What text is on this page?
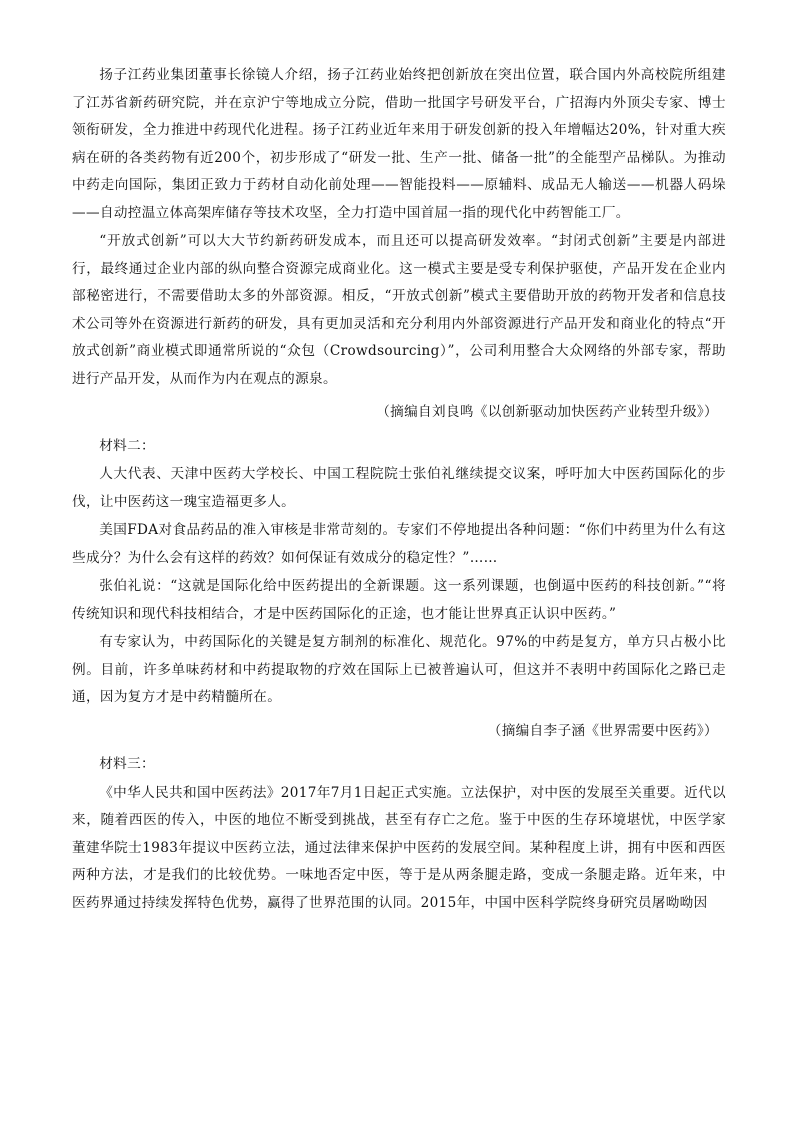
扬子江药业集团董事长徐镜人介绍，扬子江药业始终把创新放在突出位置，联合国内外高校院所组建了江苏省新药研究院，并在京沪宁等地成立分院，借助一批国字号研发平台，广招海内外顶尖专家、博士领衔研发，全力推进中药现代化进程。扬子江药业近年来用于研发创新的投入年增幅达20%，针对重大疾病在研的各类药物有近200个，初步形成了“研发一批、生产一批、储备一批”的全能型产品梯队。为推动中药走向国际，集团正致力于药材自动化前处理——智能投料——原辅料、成品无人输送——机器人码垛——自动控温立体高架库储存等技术攻坚，全力打造中国首屈一指的现代化中药智能工厂。

“开放式创新”可以大大节约新药研发成本，而且还可以提高研发效率。“封闭式创新”主要是内部进行，最终通过企业内部的纵向整合资源完成商业化。这一模式主要是受专利保护驱使，产品开发在企业内部秘密进行，不需要借助太多的外部资源。相反，“开放式创新”模式主要借助开放的药物开发者和信息技术公司等外在资源进行新药的研发，具有更加灵活和充分利用内外部资源进行产品开发和商业化的特点“开放式创新”商业模式即通常所说的“众包（Crowdsourcing）”，公司利用整合大众网络的外部专家，帮助进行产品开发，从而作为内在观点的源泉。

（摘编自刘良鸣《以创新驱动加快医药产业转型升级》）

材料二：

人大代表、天津中医药大学校长、中国工程院院士张伯礼继续提交议案，呼吁加大中医药国际化的步伐，让中医药这一瑰宝造福更多人。

美国FDA对食品药品的准入审核是非常苛刻的。专家们不停地提出各种问题：“你们中药里为什么有这些成分？为什么会有这样的药效？如何保证有效成分的稳定性？”……

张伯礼说：“这就是国际化给中医药提出的全新课题。这一系列课题，也倒逼中医药的科技创新。”“将传统知识和现代科技相结合，才是中医药国际化的正途，也才能让世界真正认识中医药。”

有专家认为，中药国际化的关键是复方制剂的标准化、规范化。97%的中药是复方，单方只占极小比例。目前，许多单味药材和中药提取物的疗效在国际上已被普遍认可，但这并不表明中药国际化之路已走通，因为复方才是中药精髓所在。

（摘编自李子涵《世界需要中医药》）

材料三：

《中华人民共和国中医药法》2017年7月1日起正式实施。立法保护，对中医的发展至关重要。近代以来，随着西医的传入，中医的地位不断受到挑战，甚至有存亡之危。鉴于中医的生存环境堪忧，中医学家董建华院士1983年提议中医药立法，通过法律来保护中医药的发展空间。某种程度上讲，拥有中医和西医两种方法，才是我们的比较优势。一味地否定中医，等于是从两条腿走路，变成一条腿走路。近年来，中医药界通过持续发挥特色优势，赢得了世界范围的认同。2015年，中国中医科学院终身研究员屠呦呦因
